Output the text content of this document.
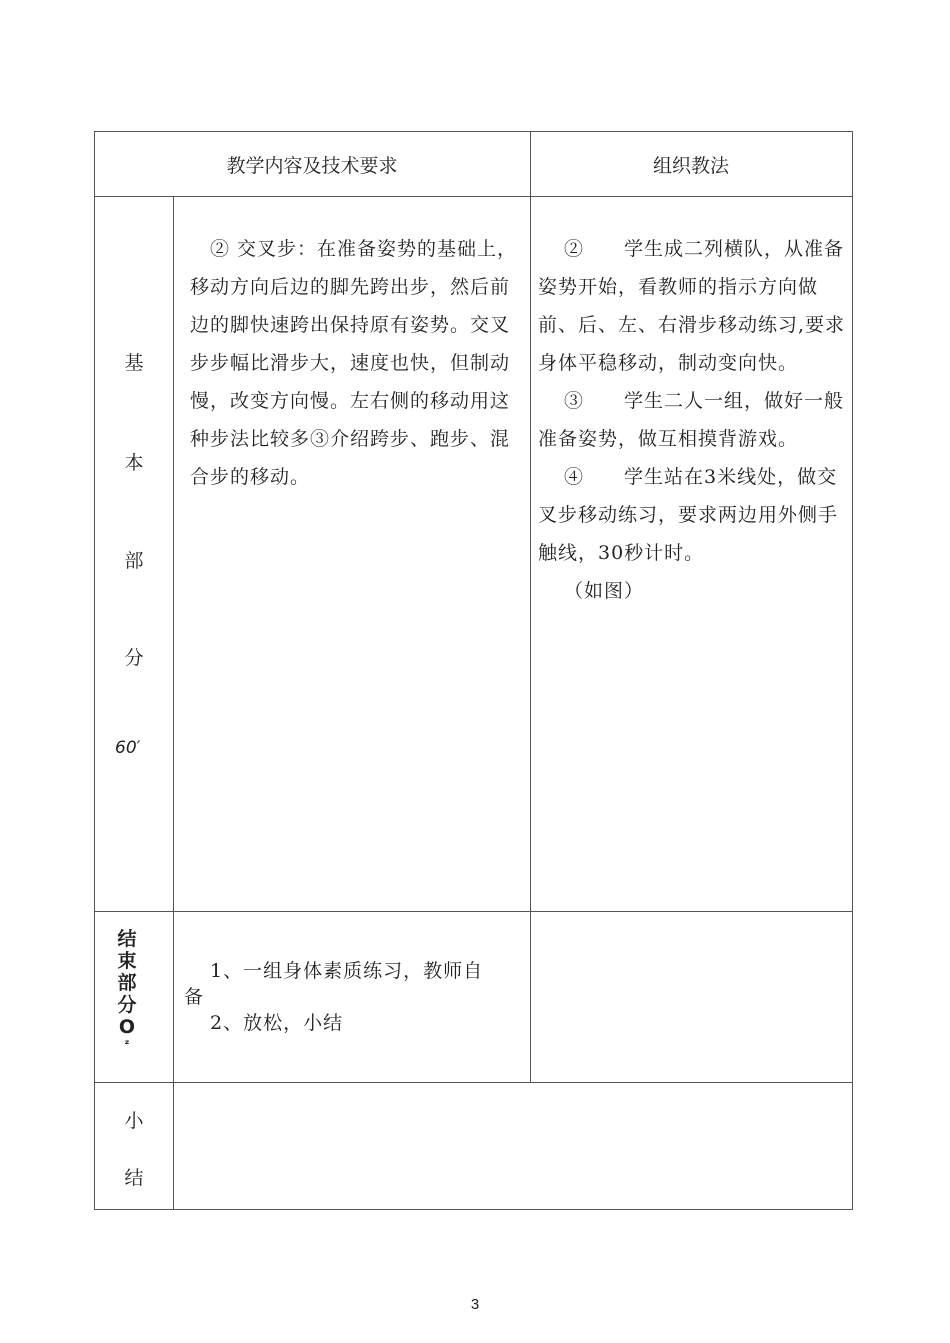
教学内容及技术要求	组织教法
基
本
部
分
60′
② 交叉步：在准备姿势的基础上，移动方向后边的脚先跨出步，然后前边的脚快速跨出保持原有姿势。交叉步步幅比滑步大，速度也快，但制动慢，改变方向慢。左右侧的移动用这种步法比较多③介绍跨步、跑步、混合步的移动。
②　　学生成二列横队，从准备姿势开始，看教师的指示方向做前、后、左、右滑步移动练习,要求身体平稳移动，制动变向快。
③　　学生二人一组，做好一般准备姿势，做互相摸背游戏。
④　　学生站在3米线处，做交叉步移动练习，要求两边用外侧手触线，30秒计时。
（如图）
结
束
部
分
O
ᶻ
1、一组身体素质练习，教师自
备
2、放松，小结
小
结
3
